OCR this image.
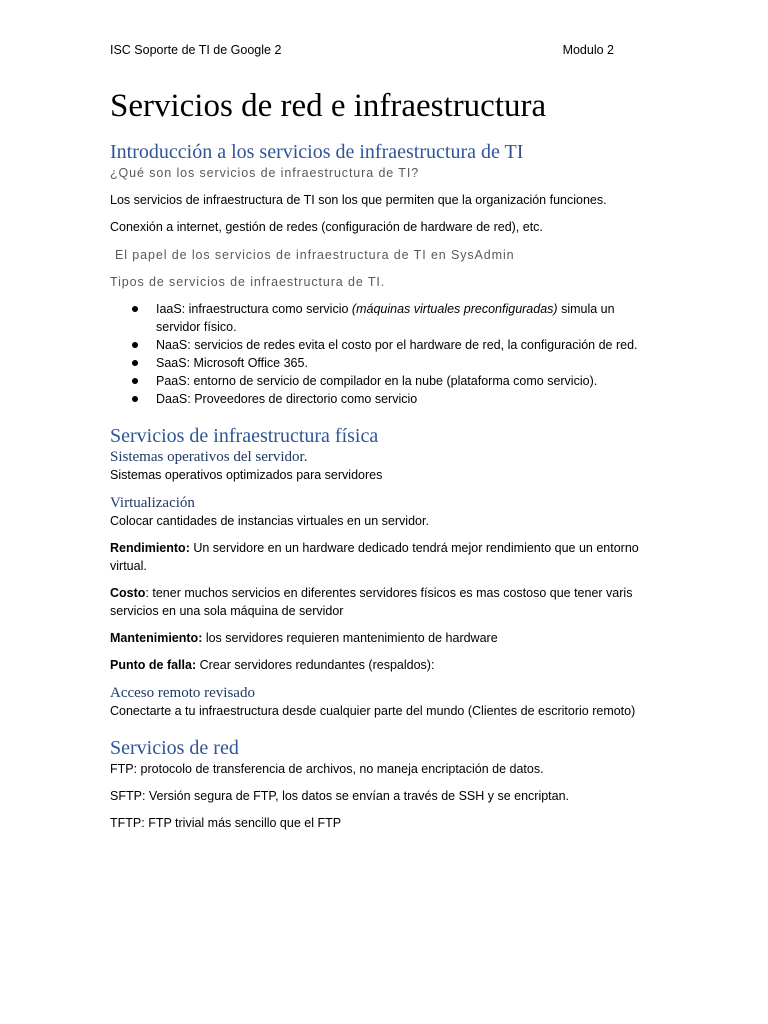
ISC Soporte de TI de Google 2	Modulo 2
Servicios de red e infraestructura
Introducción a los servicios de infraestructura de TI

¿Qué son los servicios de infraestructura de TI?

Los servicios de infraestructura de TI son los que permiten que la organización funciones.

Conexión a internet, gestión de redes (configuración de hardware de red), etc.

El papel de los servicios de infraestructura de TI en SysAdmin

Tipos de servicios de infraestructura de TI.

IaaS: infraestructura como servicio (máquinas virtuales preconfiguradas) simula un servidor físico.
NaaS: servicios de redes evita el costo por el hardware de red, la configuración de red.
SaaS: Microsoft Office 365.
PaaS: entorno de servicio de compilador en la nube (plataforma como servicio).
DaaS: Proveedores de directorio como servicio
Servicios de infraestructura física
Sistemas operativos del servidor.

Sistemas operativos optimizados para servidores

Virtualización

Colocar cantidades de instancias virtuales en un servidor.

Rendimiento: Un servidore en un hardware dedicado tendrá mejor rendimiento que un entorno virtual.

Costo: tener muchos servicios en diferentes servidores físicos es mas costoso que tener varis servicios en una sola máquina de servidor

Mantenimiento: los servidores requieren mantenimiento de hardware

Punto de falla: Crear servidores redundantes (respaldos):

Acceso remoto revisado

Conectarte a tu infraestructura desde cualquier parte del mundo (Clientes de escritorio remoto)

Servicios de red

FTP: protocolo de transferencia de archivos, no maneja encriptación de datos.

SFTP: Versión segura de FTP, los datos se envían a través de SSH y se encriptan.

TFTP: FTP trivial más sencillo que el FTP
